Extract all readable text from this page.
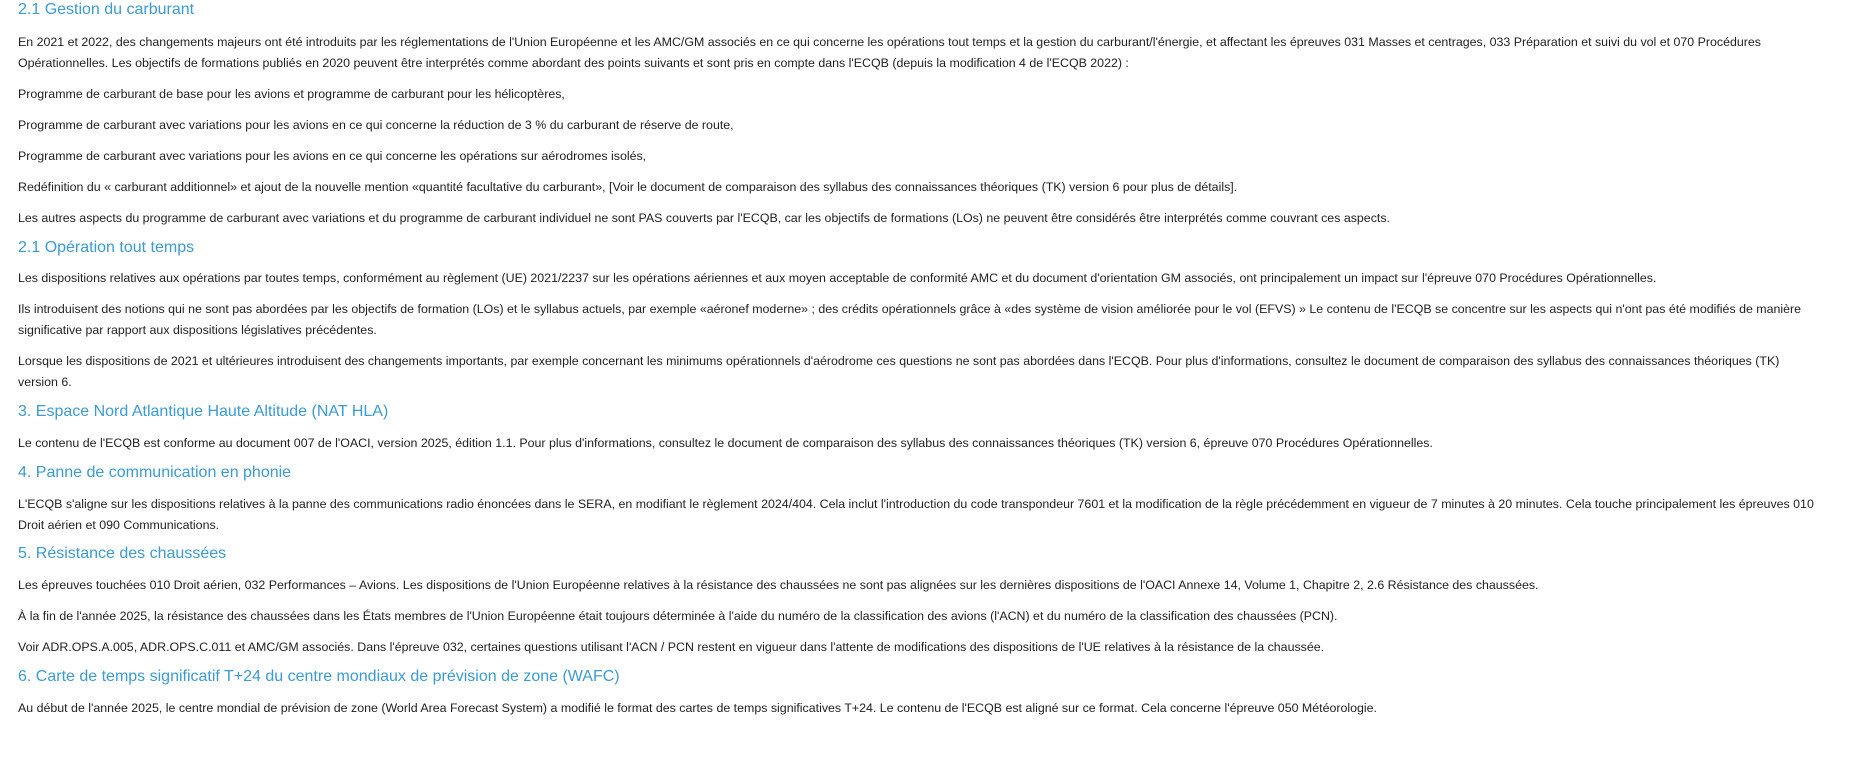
2.1 Gestion du carburant

En 2021 et 2022, des changements majeurs ont été introduits par les réglementations de l'Union Européenne et les AMC/GM associés en ce qui concerne les opérations tout temps et la gestion du carburant/l'énergie, et affectant les épreuves 031 Masses et centrages, 033 Préparation et suivi du vol et 070 Procédures Opérationnelles. Les objectifs de formations publiés en 2020 peuvent être interprétés comme abordant des points suivants et sont pris en compte dans l'ECQB (depuis la modification 4 de l'ECQB 2022) :

Programme de carburant de base pour les avions et programme de carburant pour les hélicoptères,

Programme de carburant avec variations pour les avions en ce qui concerne la réduction de 3 % du carburant de réserve de route,

Programme de carburant avec variations pour les avions en ce qui concerne les opérations sur aérodromes isolés,

Redéfinition du « carburant additionnel» et ajout de la nouvelle mention «quantité facultative du carburant», [Voir le document de comparaison des syllabus des connaissances théoriques (TK) version 6 pour plus de détails].

Les autres aspects du programme de carburant avec variations et du programme de carburant individuel ne sont PAS couverts par l'ECQB, car les objectifs de formations (LOs) ne peuvent être considérés être interprétés comme couvrant ces aspects.

2.1 Opération tout temps

Les dispositions relatives aux opérations par toutes temps, conformément au règlement (UE) 2021/2237 sur les opérations aériennes et aux moyen acceptable de conformité AMC et du document d'orientation GM associés, ont principalement un impact sur l'épreuve 070 Procédures Opérationnelles.

Ils introduisent des notions qui ne sont pas abordées par les objectifs de formation (LOs) et le syllabus actuels, par exemple «aéronef moderne» ; des crédits opérationnels grâce à «des système de vision améliorée pour le vol (EFVS) » Le contenu de l'ECQB se concentre sur les aspects qui n'ont pas été modifiés de manière significative par rapport aux dispositions législatives précédentes.

Lorsque les dispositions de 2021 et ultérieures introduisent des changements importants, par exemple concernant les minimums opérationnels d'aérodrome ces questions ne sont pas abordées dans l'ECQB. Pour plus d'informations, consultez le document de comparaison des syllabus des connaissances théoriques (TK) version 6.

3. Espace Nord Atlantique Haute Altitude (NAT HLA)

Le contenu de l'ECQB est conforme au document 007 de l'OACI, version 2025, édition 1.1. Pour plus d'informations, consultez le document de comparaison des syllabus des connaissances théoriques (TK) version 6, épreuve 070 Procédures Opérationnelles.

4. Panne de communication en phonie

L'ECQB s'aligne sur les dispositions relatives à la panne des communications radio énoncées dans le SERA, en modifiant le règlement 2024/404. Cela inclut l'introduction du code transpondeur 7601 et la modification de la règle précédemment en vigueur de 7 minutes à 20 minutes. Cela touche principalement les épreuves 010 Droit aérien et 090 Communications.

5. Résistance des chaussées

Les épreuves touchées 010 Droit aérien, 032 Performances – Avions. Les dispositions de l'Union Européenne relatives à la résistance des chaussées ne sont pas alignées sur les dernières dispositions de l'OACI Annexe 14, Volume 1, Chapitre 2, 2.6 Résistance des chaussées.

À la fin de l'année 2025, la résistance des chaussées dans les États membres de l'Union Européenne était toujours déterminée à l'aide du numéro de la classification des avions (l'ACN) et du numéro de la classification des chaussées (PCN).

Voir ADR.OPS.A.005, ADR.OPS.C.011 et AMC/GM associés. Dans l'épreuve 032, certaines questions utilisant l'ACN / PCN restent en vigueur dans l'attente de modifications des dispositions de l'UE relatives à la résistance de la chaussée.

6. Carte de temps significatif T+24 du centre mondiaux de prévision de zone (WAFC)

Au début de l'année 2025, le centre mondial de prévision de zone (World Area Forecast System) a modifié le format des cartes de temps significatives T+24. Le contenu de l'ECQB est aligné sur ce format. Cela concerne l'épreuve 050 Météorologie.
